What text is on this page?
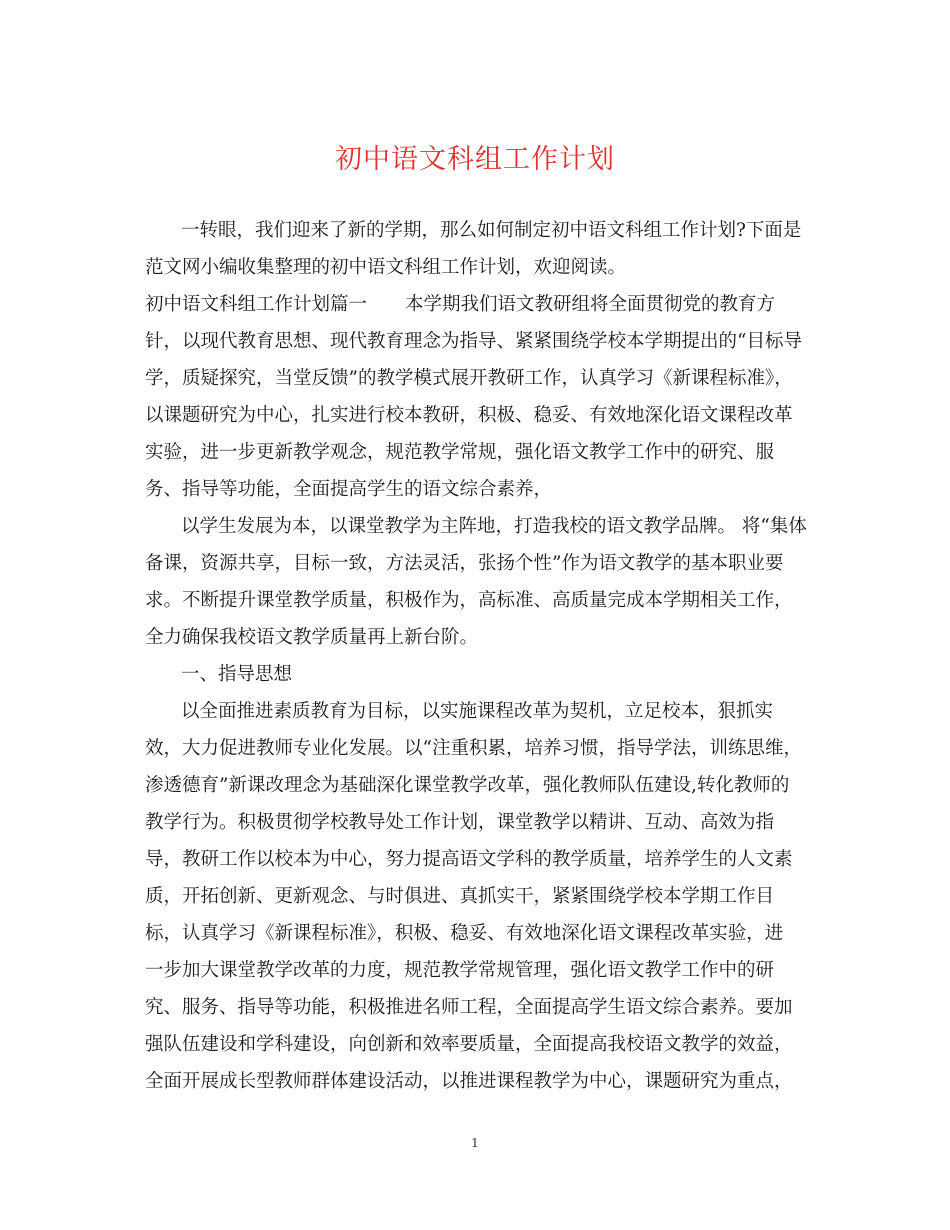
初中语文科组工作计划
一转眼，我们迎来了新的学期，那么如何制定初中语文科组工作计划?下面是
范文网小编收集整理的初中语文科组工作计划，欢迎阅读。
初中语文科组工作计划篇一 本学期我们语文教研组将全面贯彻党的教育方
针，以现代教育思想、现代教育理念为指导、紧紧围绕学校本学期提出的“目标导
学，质疑探究，当堂反馈”的教学模式展开教研工作，认真学习《新课程标准》，
以课题研究为中心，扎实进行校本教研，积极、稳妥、有效地深化语文课程改革
实验，进一步更新教学观念，规范教学常规，强化语文教学工作中的研究、服
务、指导等功能，全面提高学生的语文综合素养，
以学生发展为本，以课堂教学为主阵地，打造我校的语文教学品牌。 将“集体
备课，资源共享，目标一致，方法灵活，张扬个性”作为语文教学的基本职业要
求。不断提升课堂教学质量，积极作为，高标准、高质量完成本学期相关工作，
全力确保我校语文教学质量再上新台阶。
一、指导思想
以全面推进素质教育为目标，以实施课程改革为契机，立足校本，狠抓实
效，大力促进教师专业化发展。以“注重积累，培养习惯，指导学法，训练思维，
渗透德育”新课改理念为基础深化课堂教学改革，强化教师队伍建设,转化教师的
教学行为。积极贯彻学校教导处工作计划，课堂教学以精讲、互动、高效为指
导，教研工作以校本为中心，努力提高语文学科的教学质量，培养学生的人文素
质，开拓创新、更新观念、与时俱进、真抓实干，紧紧围绕学校本学期工作目
标，认真学习《新课程标准》，积极、稳妥、有效地深化语文课程改革实验，进
一步加大课堂教学改革的力度，规范教学常规管理，强化语文教学工作中的研
究、服务、指导等功能，积极推进名师工程，全面提高学生语文综合素养。要加
强队伍建设和学科建设，向创新和效率要质量，全面提高我校语文教学的效益，
全面开展成长型教师群体建设活动，以推进课程教学为中心，课题研究为重点，
1
